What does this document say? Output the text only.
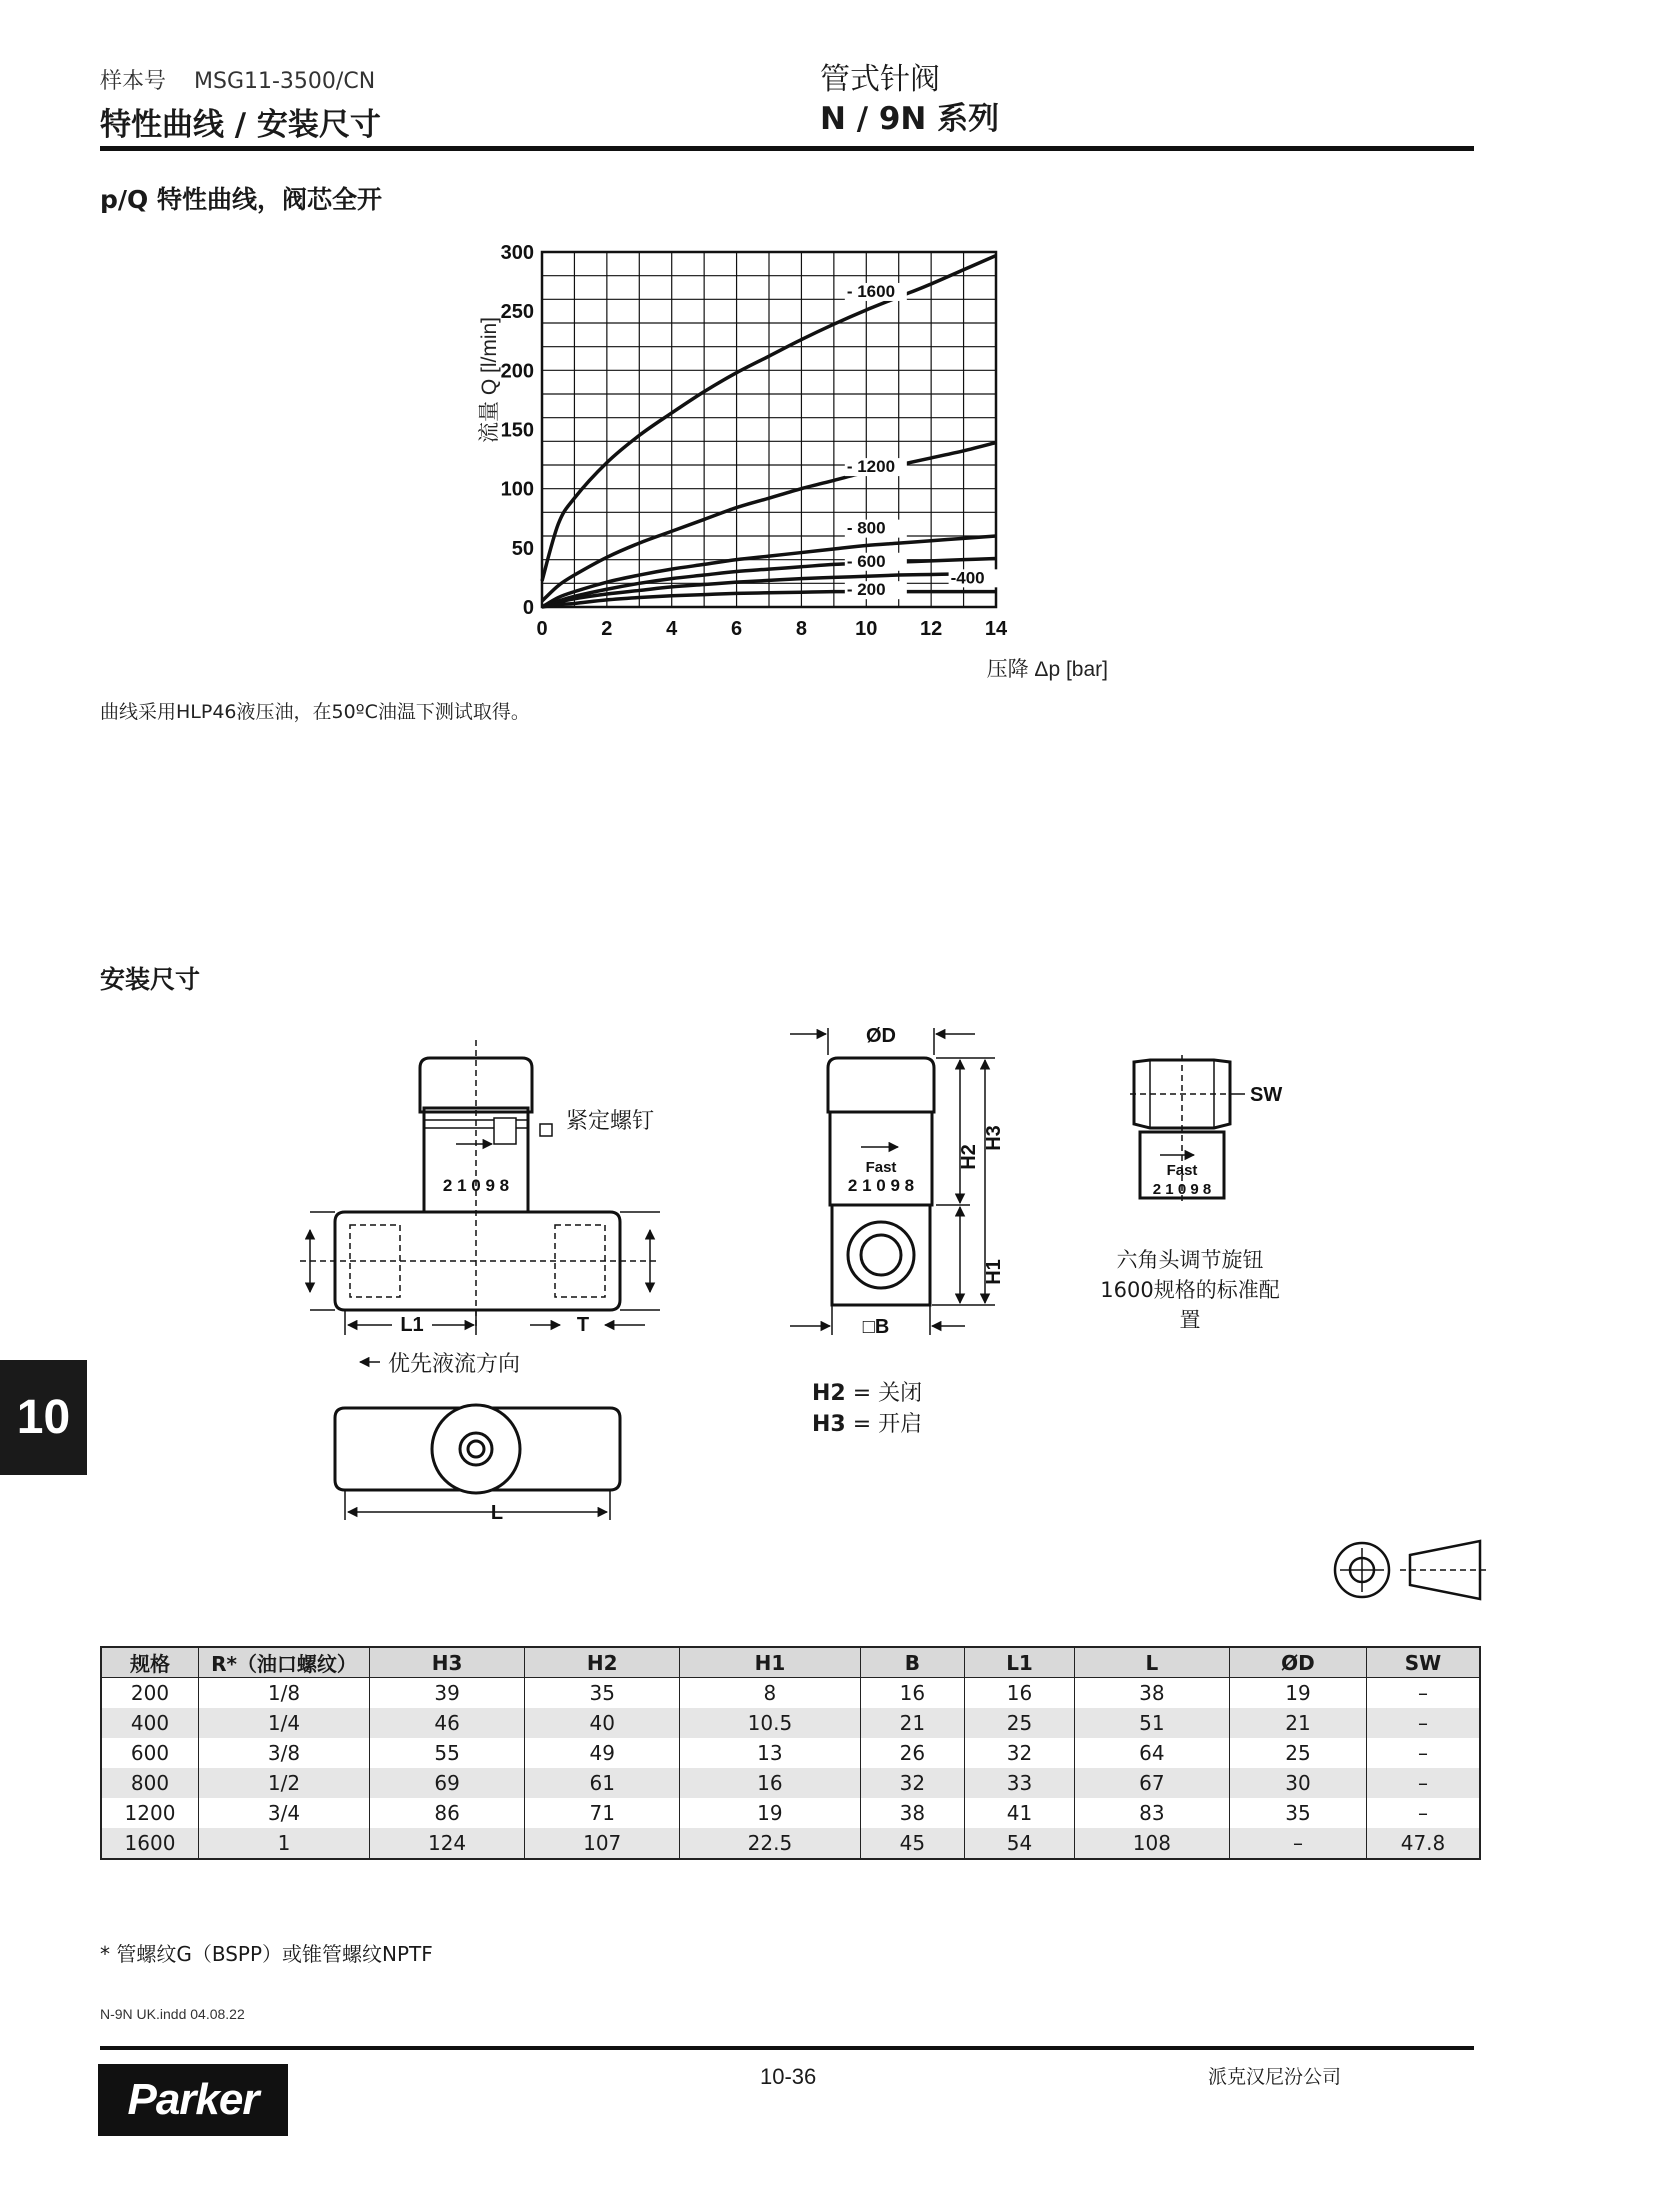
样本号 MSG11-3500/CN
特性曲线 / 安装尺寸
管式针阀
N / 9N 系列
p/Q 特性曲线，阀芯全开
0	2	4	6	8 10 12 14
0
50
100
150
200
250
300
- 1600
- 1200
- 800
- 600
-400
- 200
流量 Q [l/min]
压降 Δp [bar]
曲线采用HLP46液压油，在50ºC油温下测试取得。
安装尺寸
2 1 0 9 8
L1	T
L
ØD
Fast
2 1 0 9 8
□B
H2
H3
H1
SW
Fast
2 1 0 9 8
紧定螺钉
优先液流方向
六角头调节旋钮
1600规格的标准配置
H2 = 关闭
H3 = 开启
10
规格	R*（油口螺纹）	H3	H2	H1	B	L1	L	ØD	SW
200	1/8	39	35	8	16	16	38	19	–
400	1/4	46	40	10.5	21	25	51	21	–
600	3/8	55	49	13	26	32	64	25	–
800	1/2	69	61	16	32	33	67	30	–
1200	3/4	86	71	19	38	41	83	35	–
1600	1	124	107	22.5	45	54	108	–	47.8
* 管螺纹G（BSPP）或锥管螺纹NPTF
N-9N UK.indd 04.08.22
Parker	10-36	派克汉尼汾公司
